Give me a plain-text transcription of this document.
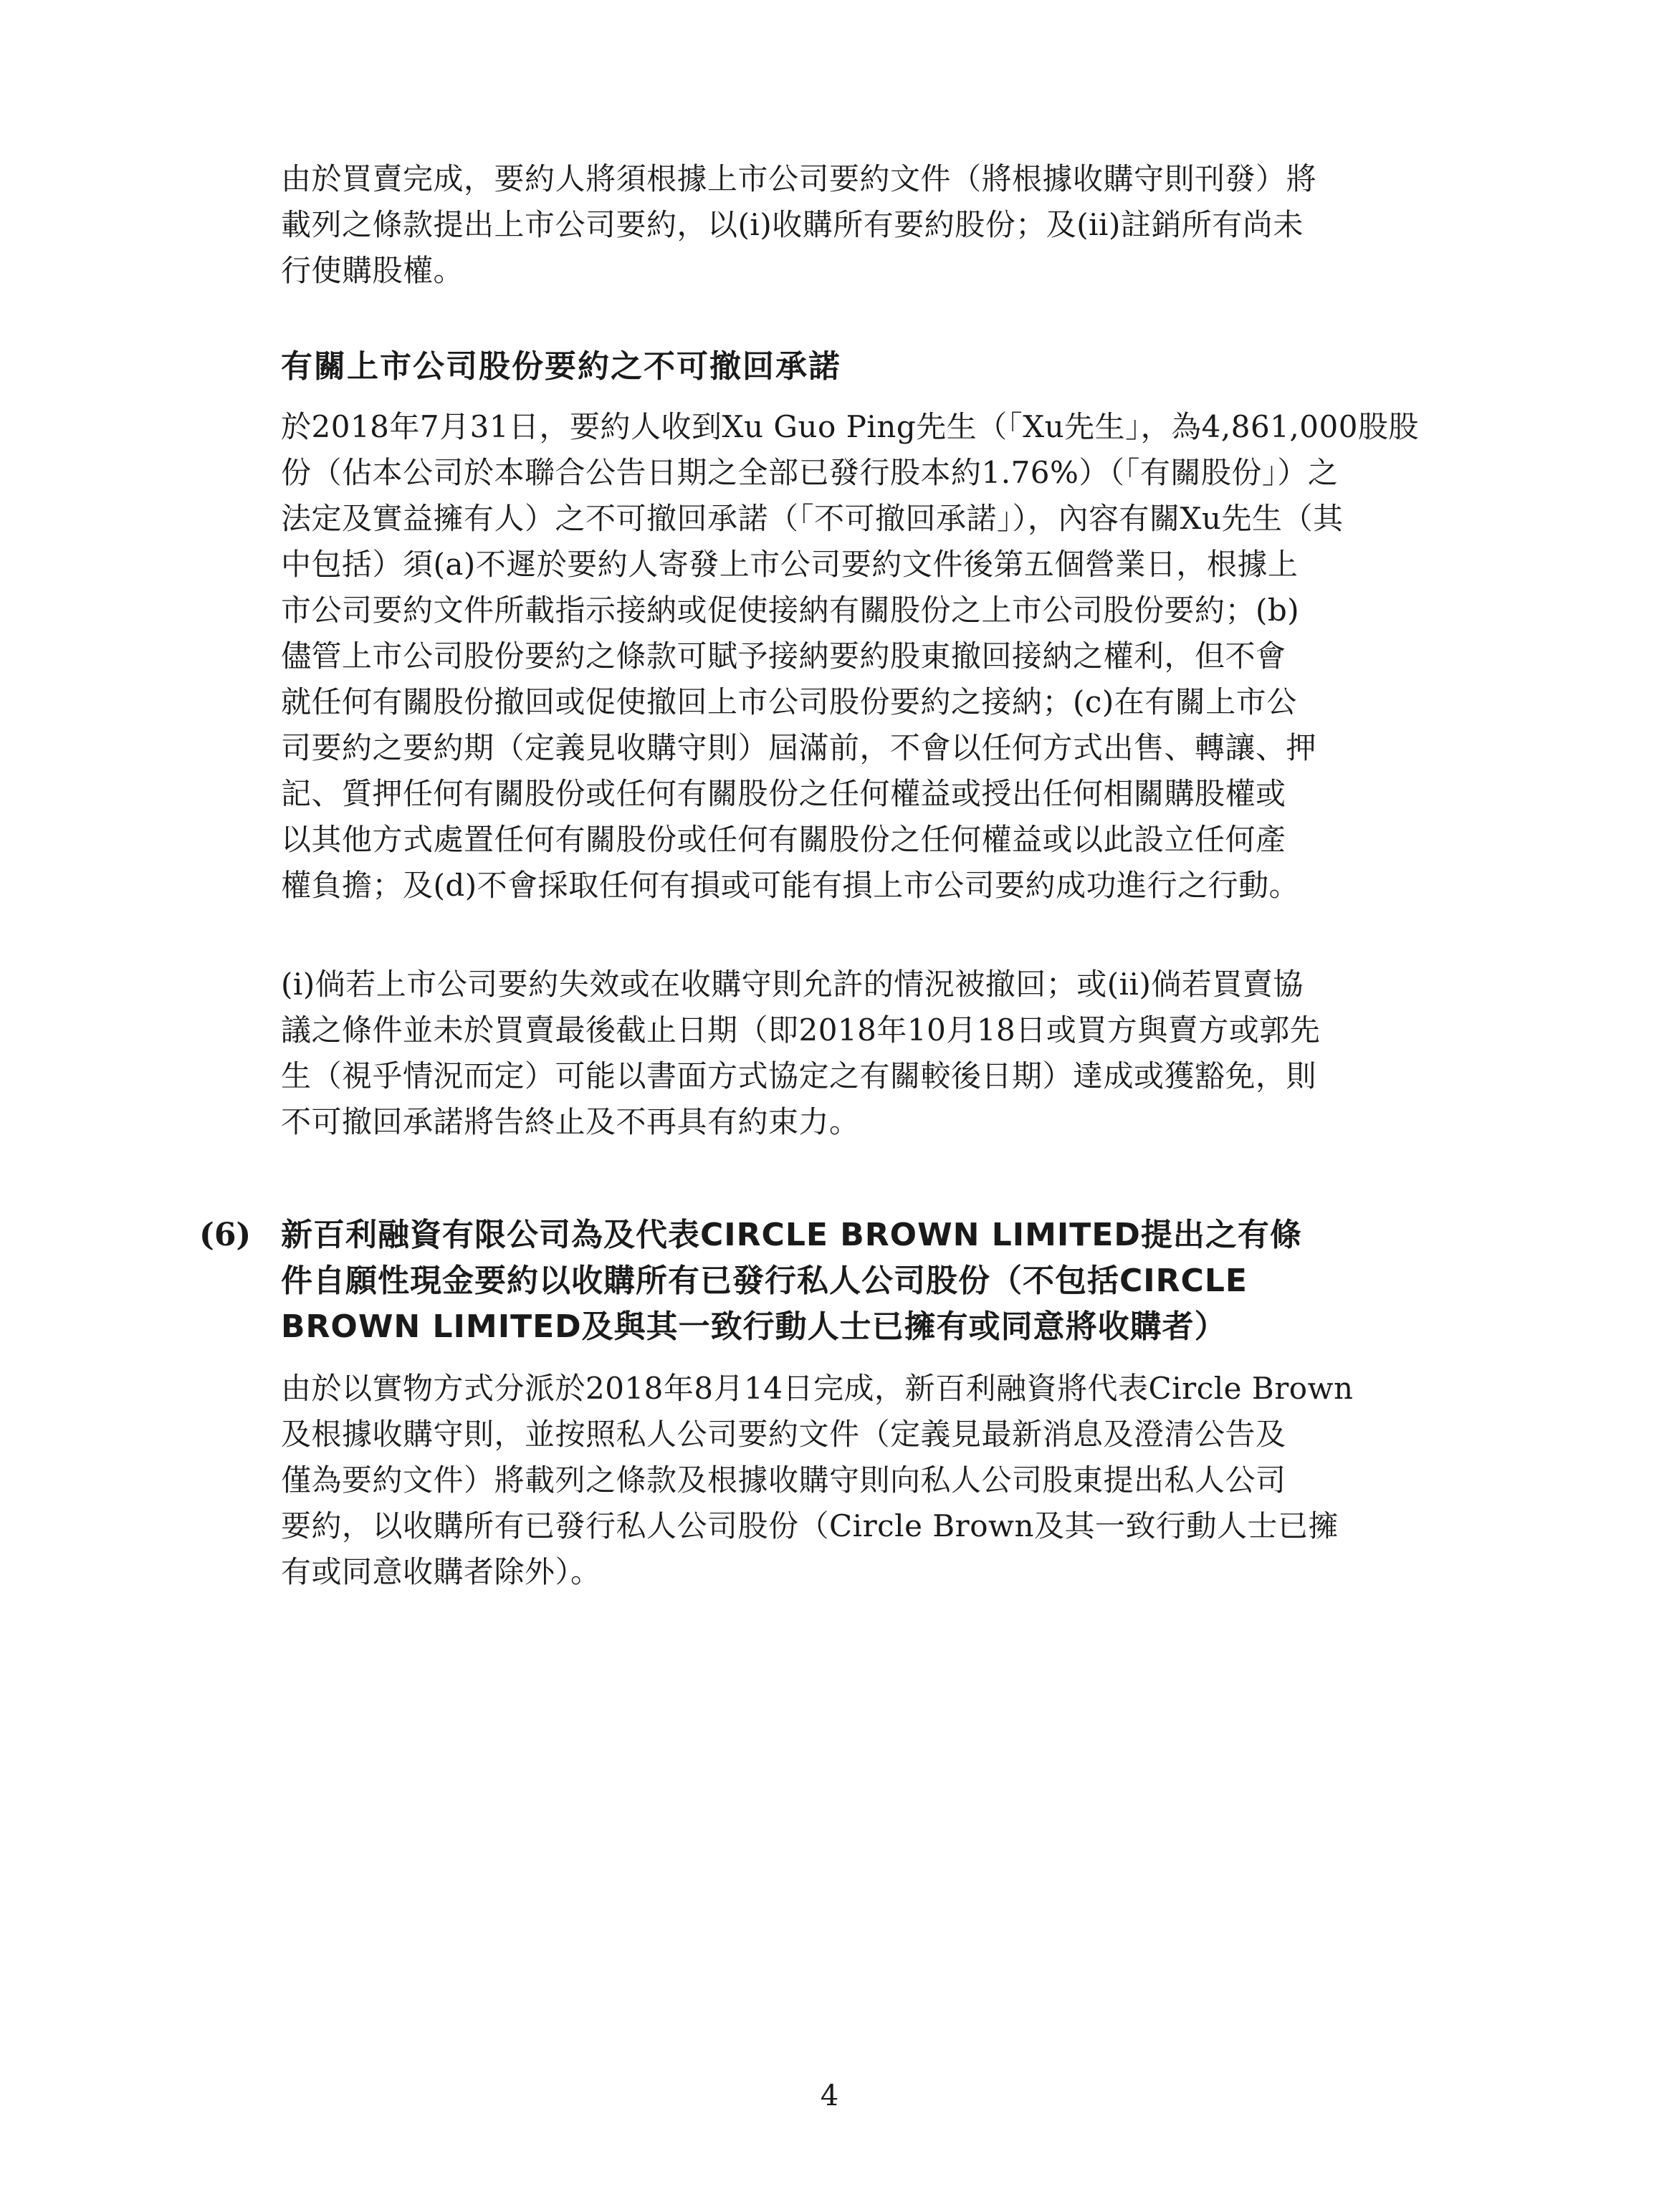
由於買賣完成，要約人將須根據上市公司要約文件（將根據收購守則刊發）將
載列之條款提出上市公司要約，以(i)收購所有要約股份；及(ii)註銷所有尚未
行使購股權。
有關上市公司股份要約之不可撤回承諾
於2018年7月31日，要約人收到Xu Guo Ping先生（「Xu先生」，為4,861,000股股
份（佔本公司於本聯合公告日期之全部已發行股本約1.76%）（「有關股份」）之
法定及實益擁有人）之不可撤回承諾（「不可撤回承諾」），內容有關Xu先生（其
中包括）須(a)不遲於要約人寄發上市公司要約文件後第五個營業日，根據上
市公司要約文件所載指示接納或促使接納有關股份之上市公司股份要約；(b)
儘管上市公司股份要約之條款可賦予接納要約股東撤回接納之權利，但不會
就任何有關股份撤回或促使撤回上市公司股份要約之接納；(c)在有關上市公
司要約之要約期（定義見收購守則）屆滿前，不會以任何方式出售、轉讓、押
記、質押任何有關股份或任何有關股份之任何權益或授出任何相關購股權或
以其他方式處置任何有關股份或任何有關股份之任何權益或以此設立任何產
權負擔；及(d)不會採取任何有損或可能有損上市公司要約成功進行之行動。
(i)倘若上市公司要約失效或在收購守則允許的情況被撤回；或(ii)倘若買賣協
議之條件並未於買賣最後截止日期（即2018年10月18日或買方與賣方或郭先
生（視乎情況而定）可能以書面方式協定之有關較後日期）達成或獲豁免，則
不可撤回承諾將告終止及不再具有約束力。
(6) 新百利融資有限公司為及代表CIRCLE BROWN LIMITED提出之有條
件自願性現金要約以收購所有已發行私人公司股份（不包括CIRCLE
BROWN LIMITED及與其一致行動人士已擁有或同意將收購者）
由於以實物方式分派於2018年8月14日完成，新百利融資將代表Circle Brown
及根據收購守則，並按照私人公司要約文件（定義見最新消息及澄清公告及
僅為要約文件）將載列之條款及根據收購守則向私人公司股東提出私人公司
要約，以收購所有已發行私人公司股份（Circle Brown及其一致行動人士已擁
有或同意收購者除外）。
4
